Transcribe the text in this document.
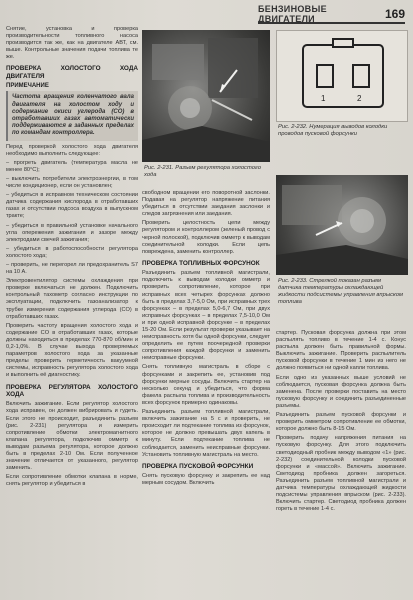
БЕНЗИНОВЫЕ ДВИГАТЕЛИ	169

Снятие, установка и проверка производительности топливного насоса производится так же, как на двигателе АВТ, см. выше. Контрольные значения подачи топлива те же.

ПРОВЕРКА ХОЛОСТОГО ХОДА ДВИГАТЕЛЯ
ПРИМЕЧАНИЕ
Частота вращения коленчатого вала двигателя на холостом ходу и содержание окиси углерода (CO) в отработавших газах автоматически поддерживаются в заданных пределах по командам контроллера.

Перед проверкой холостого хода двигателя необходимо выполнить следующее:

– прогреть двигатель (температура масла не менее 80°C);

– выключить потребители электроэнергии, в том числе кондиционер, если он установлен;

– убедиться в исправном техническом состоянии датчика содержания кислорода в отработавших газах и отсутствии подсоса воздуха в выпускном тракте;

– убедиться в правильной установке начального угла опережения зажигания и зазоре между электродами свечей зажигания;

– убедиться в работоспособности регулятора холостого хода;

– проверить, не перегорел ли предохранитель S7 на 10 A.

Электровентилятор системы охлаждения при проверке включаться не должен. Подключить контрольный тахометр согласно инструкции по эксплуатации, подключить газоанализатор к трубке измерения содержания углерода (CO) в отработавших газах.

Проверить частоту вращения холостого хода и содержание CO в отработавших газах, которые должны находиться в пределах 770-870 об/мин и 0,2-1,0%. В случае выхода проверяемых параметров холостого хода за указанные пределы проверить герметичность вакуумной системы, исправность регулятора холостого хода и выполнить её диагностику.

ПРОВЕРКА РЕГУЛЯТОРА ХОЛОСТОГО ХОДА

Включить зажигание. Если регулятор холостого хода исправен, он должен вибрировать и гудеть. Если этого не происходит, разъединить разъем (рис. 2-231) регулятора и измерить сопротивление обмотки электромагнитного клапана регулятора, подключив омметр к выводам разъема регулятора, которое должно быть в пределах 2-10 Ом. Если полученное значение отличается от указанного, регулятор заменить.

Если сопротивление обмотки клапана в норме, снять регулятор и убедиться в

Рис. 2-231. Разъем регулятора холостого хода

свободном вращении его поворотной заслонки. Подавая на регулятор напряжение питания убедиться в отсутствии заедания заслонки и следов загрязнения или заедания.

Проверить целостность цепи между регулятором и контроллером (зеленый провод с черной полоской), подключив омметр к выводам соединительной колодки. Если цепь повреждена, заменить контроллер.

ПРОВЕРКА ТОПЛИВНЫХ ФОРСУНОК

Разъединить разъем топливной магистрали, подключить к выводам колодки омметр и проверить сопротивление, которое при исправных всех четырех форсунках должно быть в пределах 3,7-5,0 Ом, при исправных трех форсунках – в пределах 5,0-6,7 Ом, при двух исправных форсунках – в пределах 7,5-10,0 Ом и при одной исправной форсунке – в пределах 15-20 Ом. Если результат проверки указывает на неисправность хотя бы одной форсунки, следует определить ее путем поочередной проверки сопротивления каждой форсунки и заменить неисправные форсунки.

Снять топливную магистраль в сборе с форсунками и закрепить ее, установив под форсунки мерные сосуды. Включить стартер на несколько секунд и убедиться, что форма факела распыла топлива и производительность всех форсунок примерно одинаковы.

Разъединить разъем топливной магистрали, включить зажигание на 5 с и проверить, не происходит ли подтекание топлива из форсунок, которое не должно превышать двух капель в минуту. Если подтекание топлива не соблюдается, заменить неисправные форсунки. Установить топливную магистраль на место.

ПРОВЕРКА ПУСКОВОЙ ФОРСУНКИ

Снять пусковую форсунку и закрепить ее над мерным сосудом. Включить

1	2
Рис. 2-232. Нумерация выводов колодки проводов пусковой форсунки
Рис. 2-233. Стрелкой показан разъем датчика температуры охлаждающей жидкости подсистемы управления впрыском топлива

стартер. Пусковая форсунка должна при этом распылять топливо в течение 1-4 с. Конус распыла должен быть правильной формы. Выключить зажигание. Проверить распылитель пусковой форсунки в течение 1 мин из него не должно появиться ни одной капли топлива.

Если одно из указанных выше условий не соблюдается, пусковая форсунка должна быть заменена. После проверки поставить на место пусковую форсунку и соединить разъединенные разъемы.

Разъединить разъем пусковой форсунки и проверить омметром сопротивление ее обмотки, которое должно быть 8-15 Ом.

Проверить подачу напряжения питания на пусковую форсунку. Для этого подключить светодиодный пробник между выводом «1» (рис. 2-232) соединительной колодки пусковой форсунки и «массой». Включить зажигание. Светодиод пробника должен загореться. Разъединить разъем топливной магистрали и датчика температуры охлаждающей жидкости подсистемы управления впрыском (рис. 2-233). Включить стартер. Светодиод пробника должен гореть в течение 1-4 с.
